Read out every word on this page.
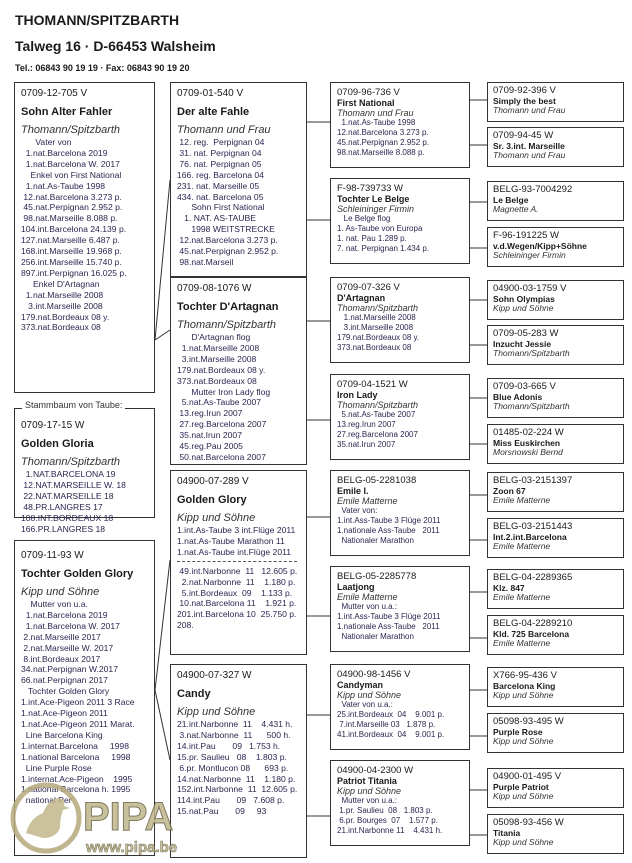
THOMANN/SPITZBARTH
Talweg 16 · D-66453 Walsheim
Tel.: 06843 90 19 19 · Fax: 06843 90 19 20
0709-12-705 V
Sohn Alter Fahler
Thomann/Spitzbarth
Vater von
1.nat.Barcelona 2019
1.nat.Barcelona W. 2017
Enkel von First National
1.nat.As-Taube 1998
12.nat.Barcelona 3.273 p.
45.nat.Perpignan 2.952 p.
98.nat.Marseille 8.088 p.
104.int.Barcelona 24.139 p.
127.nat.Marseille 6.487 p.
168.int.Marseille 19.968 p.
256.int.Marseille 15.740 p.
897.int.Perpignan 16.025 p.
Enkel D'Artagnan
1.nat.Marseille 2008
3.int.Marseille 2008
179.nat.Bordeaux 08 y.
373.nat.Bordeaux 08
0709-17-15 W
Golden Gloria
Thomann/Spitzbarth
1.NAT.BARCELONA 19
12.NAT.MARSEILLE W. 18
22.NAT.MARSEILLE 18
48.PR.LANGRES 17
108.INT.BORDEAUX 18
166.PR.LANGRES 18
Stammbaum von Taube:
0709-11-93 W
Tochter Golden Glory
Kipp und Söhne
Mutter von u.a.
1.nat.Barcelona 2019
1.nat.Barcelona W. 2017
2.nat.Marseille 2017
2.nat.Marseille W. 2017
8.int.Bordeaux 2017
34.nat.Perpignan W.2017
66.nat.Perpignan 2017
Tochter Golden Glory
1.int.Ace-Pigeon 2011 3 Race
1.nat.Ace-Pigeon 2011
1.nat.Ace-Pigeon 2011 Marat.
Line Barcelona King
1.internat.Barcelona     1998
1.national Barcelona     1998
Line Purple Rose
1.internat.Ace-Pigeon    1995
1.national Barcelona h. 1995
national Per
0709-01-540 V
Der alte Fahle
Thomann und Frau
12. reg.  Perpignan 04
31. nat. Perpignan 04
76. nat. Perpignan 05
166. reg. Barcelona 04
231. nat. Marseille 05
434. nat. Barcelona 05
Sohn First National
1. NAT. AS-TAUBE
1998 WEITSTRECKE
12.nat.Barcelona 3.273 p.
45.nat.Perpignan 2.952 p.
98.nat.Marseil
0709-08-1076 W
Tochter D'Artagnan
Thomann/Spitzbarth
D'Artagnan flog
1.nat.Marseille 2008
3.int.Marseille 2008
179.nat.Bordeaux 08 y.
373.nat.Bordeaux 08
Mutter Iron Lady flog
5.nat.As-Taube 2007
13.reg.Irun 2007
27.reg.Barcelona 2007
35.nat.Irun 2007
45.reg.Pau 2005
50.nat.Barcelona 2007
04900-07-289 V
Golden Glory
Kipp und Söhne
1.int.As-Taube 3 int.Flüge 2011
1.nat.As-Taube Marathon 11
1.nat.As-Taube int.Flüge 2011
49.int.Narbonne  11   12.605 p.
2.nat.Narbonne  11    1.180 p.
5.int.Bordeaux  09    1.133 p.
10.nat.Barcelona 11    1.921 p.
201.int.Barcelona 10  25.750 p.
208.
04900-07-327 W
Candy
Kipp und Söhne
21.int.Narbonne  11    4.431 h.
3.nat.Narbonne  11      500 h.
14.int.Pau       09   1.753 h.
15.pr. Saulieu   08    1.803 p.
6.pr. Montlucon 08      693 p.
14.nat.Narbonne  11    1.180 p.
152.int.Narbonne  11  12.605 p.
114.int.Pau       09   7.608 p.
15.nat.Pau       09     93
0709-96-736 V
First National
Thomann und Frau
1.nat.As-Taube 1998
12.nat.Barcelona 3.273 p.
45.nat.Perpignan 2.952 p.
98.nat.Marseille 8.088 p.
F-98-739733 W
Tochter Le Belge
Schleininger Firmin
Le Belge flog
1. As-Taube von Europa
1. nat. Pau 1.289 p.
7. nat. Perpignan 1.434 p.
0709-07-326 V
D'Artagnan
Thomann/Spitzbarth
1.nat.Marseille 2008
3.int.Marseille 2008
179.nat.Bordeaux 08 y.
373.nat.Bordeaux 08
0709-04-1521 W
Iron Lady
Thomann/Spitzbarth
5.nat.As-Taube 2007
13.reg.Irun 2007
27.reg.Barcelona 2007
35.nat.Irun 2007
BELG-05-2281038
Emile I.
Emile Matterne
Vater von:
1.int.Ass-Taube 3 Flüge 2011
1.nationale Ass-Taube   2011
Nationaler Marathon
BELG-05-2285778
Laatjong
Emile Matterne
Mutter von u.a.:
1.int.Ass-Taube 3 Flüge 2011
1.nationale Ass-Taube   2011
Nationaler Marathon
04900-98-1456 V
Candyman
Kipp und Söhne
Vater von u.a.:
25.int.Bordeaux  04    9.001 p.
7.int.Marseille 03   1.878 p.
41.int.Bordeaux  04    9.001 p.
04900-04-2300 W
Patriot Titania
Kipp und Söhne
Mutter von u.a.:
1.pr. Saulieu  08   1.803 p.
6.pr. Bourges  07    1.577 p.
21.int.Narbonne 11    4.431 h.
0709-92-396 V
Simply the best
Thomann und Frau
0709-94-45 W
Sr. 3.int. Marseille
Thomann und Frau
BELG-93-7004292
Le Belge
Magnette A.
F-96-191225 W
v.d.Wegen/Kipp+Söhne
Schleininger Firmin
04900-03-1759 V
Sohn Olympias
Kipp und Söhne
0709-05-283 W
Inzucht Jessie
Thomann/Spitzbarth
0709-03-665 V
Blue Adonis
Thomann/Spitzbarth
01485-02-224 W
Miss Euskirchen
Morsnowski Bernd
BELG-03-2151397
Zoon 67
Emile Matterne
BELG-03-2151443
Int.2.int.Barcelona
Emile Matterne
BELG-04-2289365
Klz. 847
Emile Matterne
BELG-04-2289210
Kld. 725 Barcelona
Emile Matterne
X766-95-436 V
Barcelona King
Kipp und Söhne
05098-93-495 W
Purple Rose
Kipp und Söhne
04900-01-495 V
Purple Patriot
Kipp und Söhne
05098-93-456 W
Titania
Kipp und Söhne
PIPA
www.pipa.be
